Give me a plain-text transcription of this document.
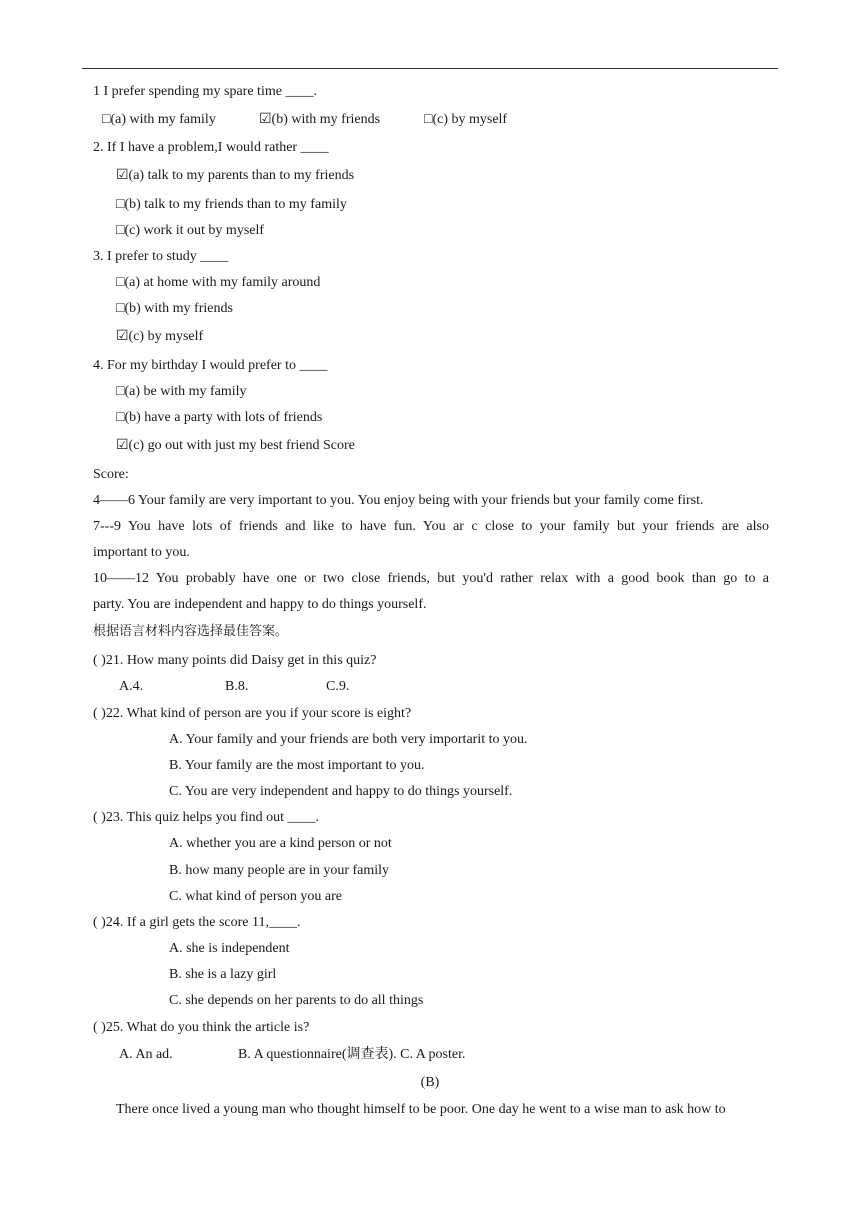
1 I prefer spending my spare time ____.
□(a) with my family	☑(b) with my friends	□(c) by myself
2. If I have a problem,I would rather ____
☑(a) talk to my parents than to my friends
□(b) talk to my friends than to my family
□(c) work it out by myself
3. I prefer to study ____
□(a) at home with my family around
□(b) with my friends
☑(c) by myself
4. For my birthday I would prefer to ____
□(a) be with my family
□(b) have a party with lots of friends
☑(c) go out with just my best friend Score
Score:
4——6 Your family are very important to you. You enjoy being with your friends but your family come first.
7---9 You have lots of friends and like to have fun. You ar c close to your family but your friends are also
important to you.
10——12 You probably have one or two close friends, but you'd rather relax with a good book than go to a
party. You are independent and happy to do things yourself.
根据语言材料内容选择最佳答案。
( )21. How many points did Daisy get in this quiz?
A.4.	B.8.	C.9.
( )22. What kind of person are you if your score is eight?
A. Your family and your friends are both very importarit to you.
B. Your family are the most important to you.
C. You are very independent and happy to do things yourself.
( )23. This quiz helps you find out ____.
A. whether you are a kind person or not
B. how many people are in your family
C. what kind of person you are
( )24. If a girl gets the score 11,____.
A. she is independent
B. she is a lazy girl
C. she depends on her parents to do all things
( )25. What do you think the article is?
A. An ad.	B. A questionnaire(调查表). C. A poster.
(B)
There once lived a young man who thought himself to be poor. One day he went to a wise man to ask how to
